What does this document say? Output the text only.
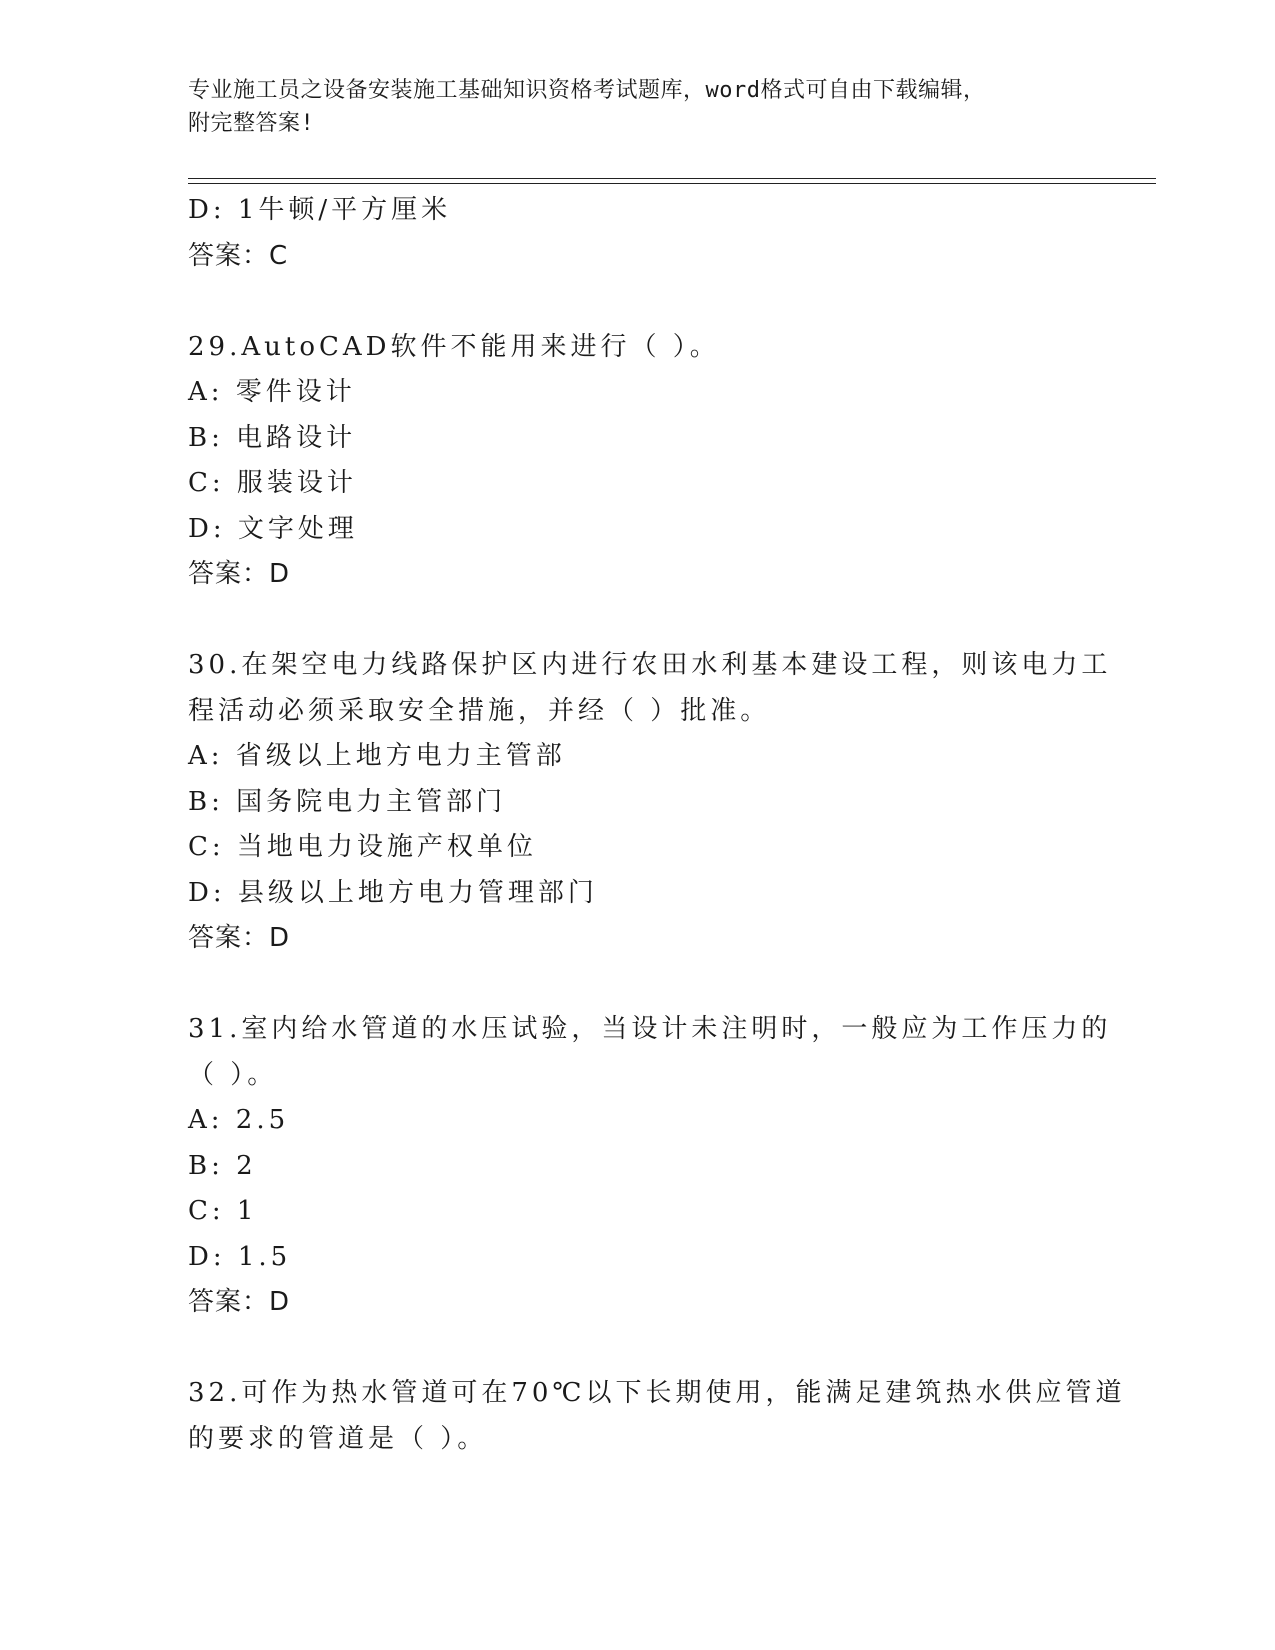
专业施工员之设备安装施工基础知识资格考试题库，word格式可自由下载编辑，
附完整答案!
D: 1牛顿/平方厘米
答案：C
29.AutoCAD软件不能用来进行（ ）。
A: 零件设计
B: 电路设计
C: 服装设计
D: 文字处理
答案：D
30.在架空电力线路保护区内进行农田水利基本建设工程，则该电力工
程活动必须采取安全措施，并经（ ）批准。
A: 省级以上地方电力主管部
B: 国务院电力主管部门
C: 当地电力设施产权单位
D: 县级以上地方电力管理部门
答案：D
31.室内给水管道的水压试验，当设计未注明时，一般应为工作压力的
（ ）。
A: 2.5
B: 2
C: 1
D: 1.5
答案：D
32.可作为热水管道可在70℃以下长期使用，能满足建筑热水供应管道
的要求的管道是（ ）。
